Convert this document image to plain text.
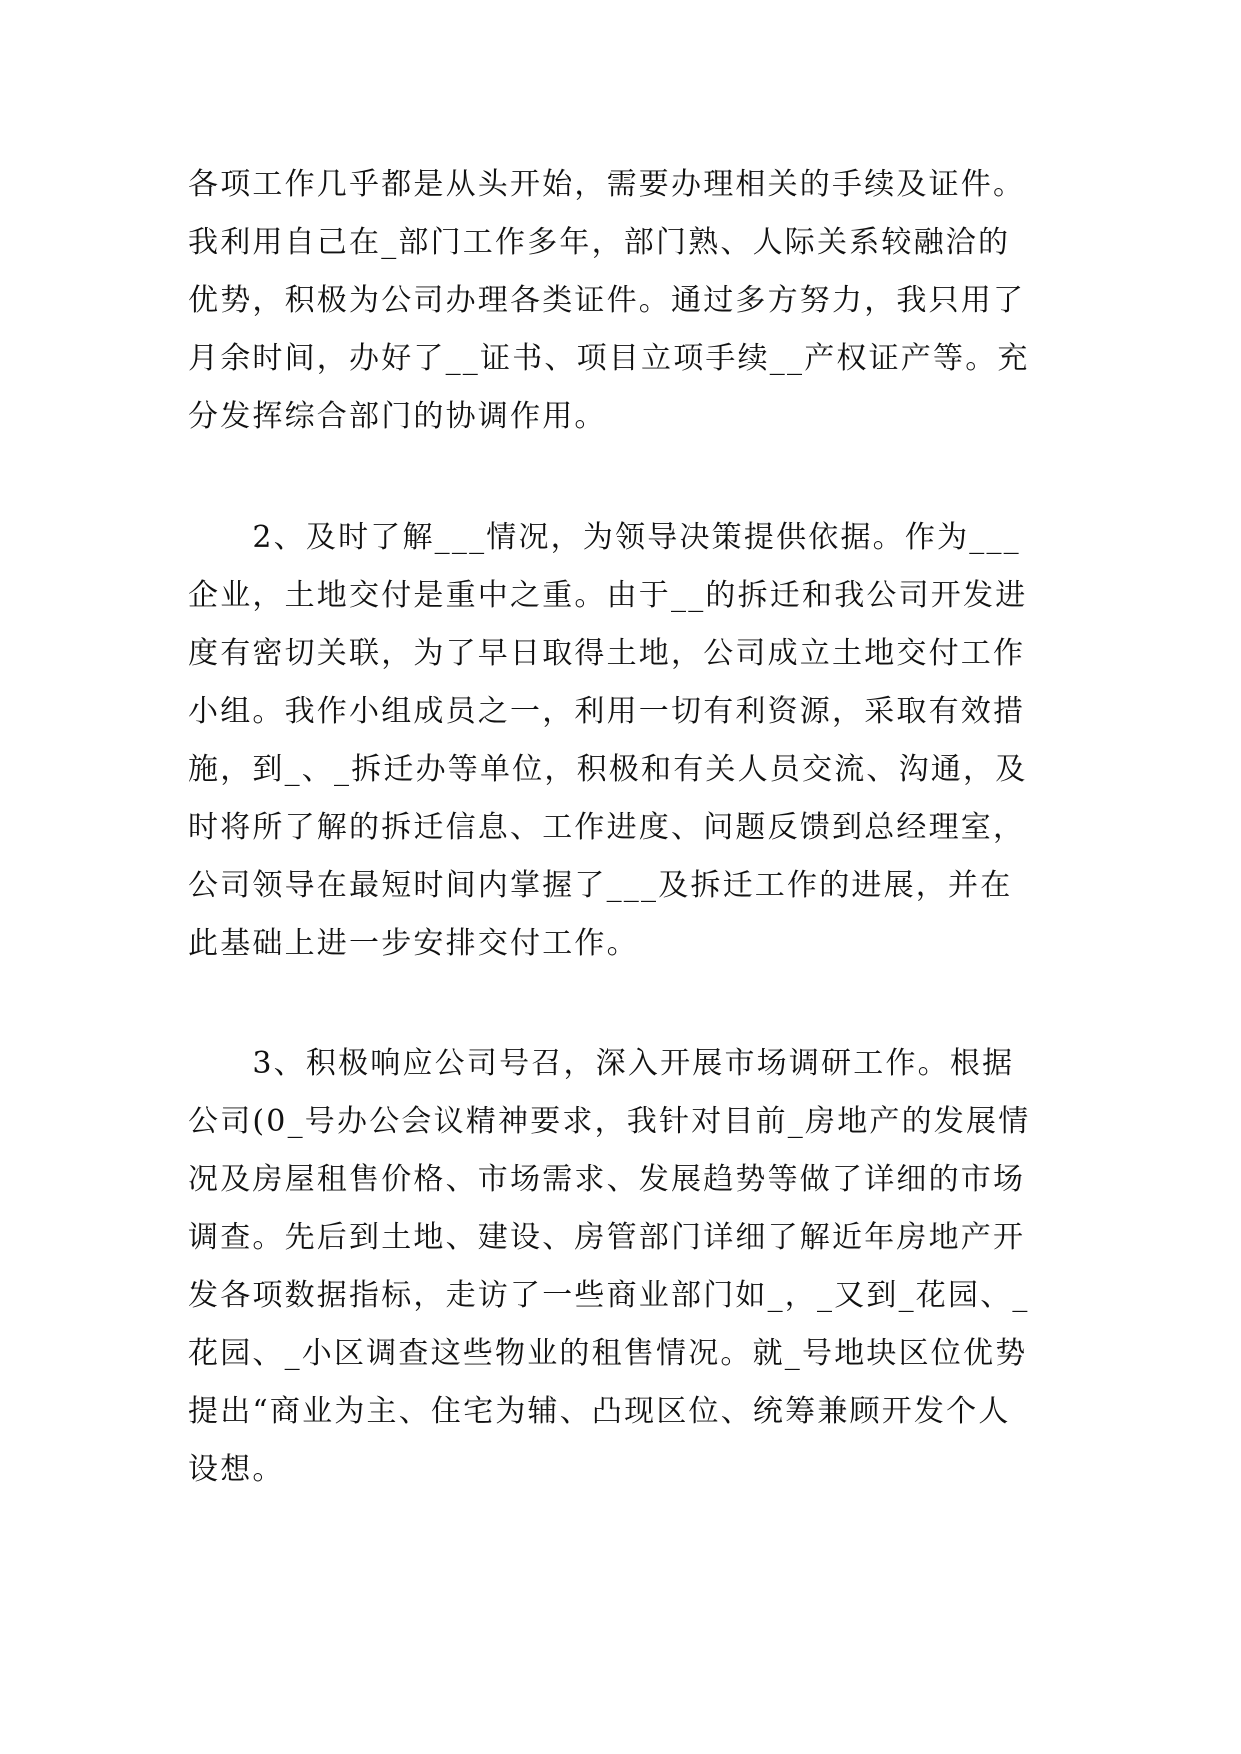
各项工作几乎都是从头开始，需要办理相关的手续及证件。
我利用自己在_部门工作多年，部门熟、人际关系较融洽的
优势，积极为公司办理各类证件。通过多方努力，我只用了
月余时间，办好了__证书、项目立项手续__产权证产等。充
分发挥综合部门的协调作用。
　　2、及时了解___情况，为领导决策提供依据。作为___
企业，土地交付是重中之重。由于__的拆迁和我公司开发进
度有密切关联，为了早日取得土地，公司成立土地交付工作
小组。我作小组成员之一，利用一切有利资源，采取有效措
施，到_、_拆迁办等单位，积极和有关人员交流、沟通，及
时将所了解的拆迁信息、工作进度、问题反馈到总经理室，
公司领导在最短时间内掌握了___及拆迁工作的进展，并在
此基础上进一步安排交付工作。
　　3、积极响应公司号召，深入开展市场调研工作。根据
公司(0_号办公会议精神要求，我针对目前_房地产的发展情
况及房屋租售价格、市场需求、发展趋势等做了详细的市场
调查。先后到土地、建设、房管部门详细了解近年房地产开
发各项数据指标，走访了一些商业部门如_，_又到_花园、_
花园、_小区调查这些物业的租售情况。就_号地块区位优势
提出“商业为主、住宅为辅、凸现区位、统筹兼顾开发个人
设想。
